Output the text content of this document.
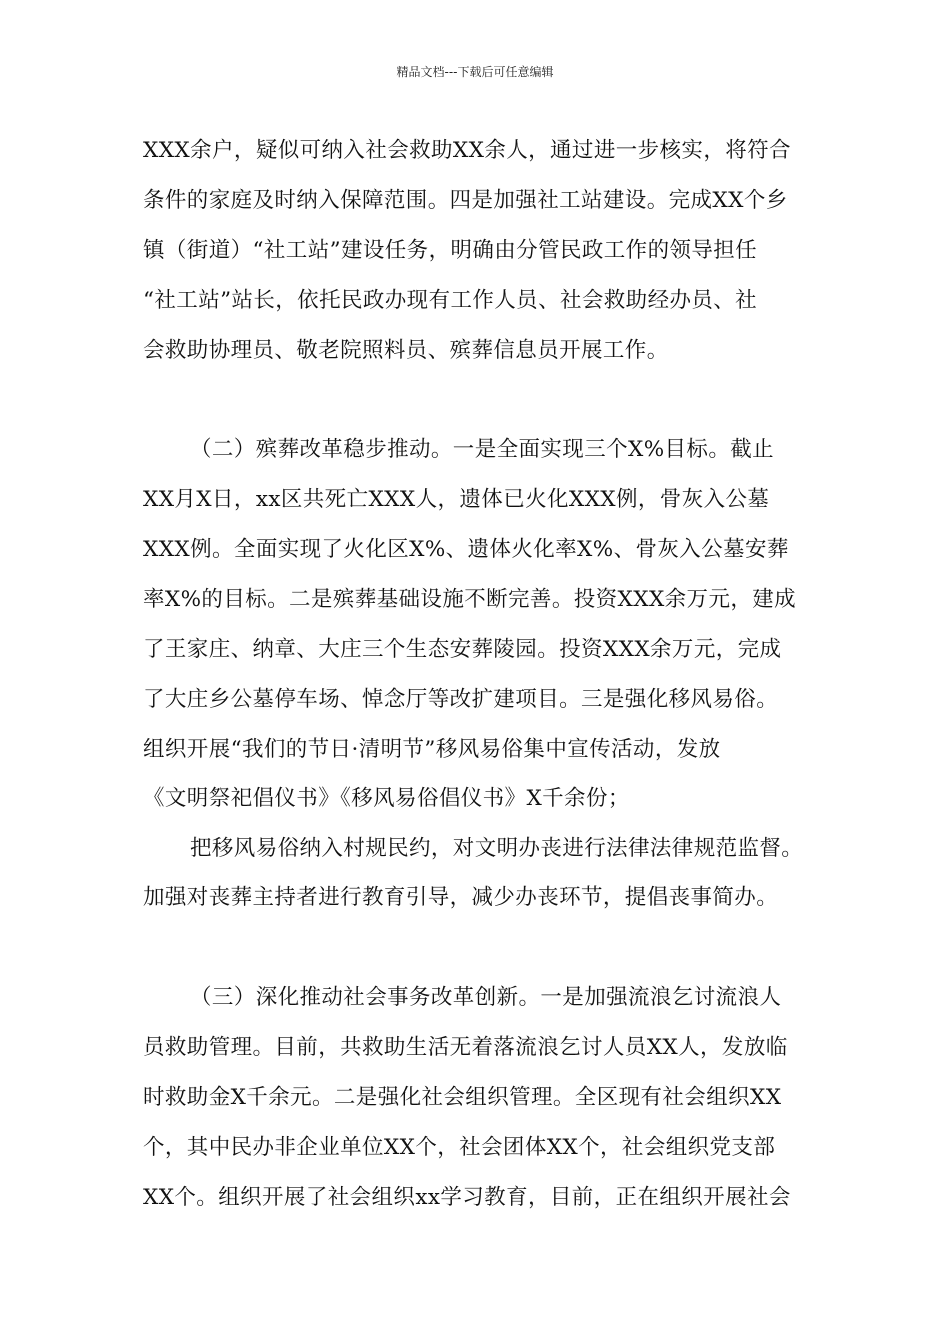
精品文档---下载后可任意编辑
XXX余户，疑似可纳入社会救助XX余人，通过进一步核实，将符合
条件的家庭及时纳入保障范围。四是加强社工站建设。完成XX个乡
镇（街道）“社工站”建设任务，明确由分管民政工作的领导担任
“社工站”站长，依托民政办现有工作人员、社会救助经办员、社
会救助协理员、敬老院照料员、殡葬信息员开展工作。
（二）殡葬改革稳步推动。一是全面实现三个X%目标。截止
XX月X日，xx区共死亡XXX人，遗体已火化XXX例，骨灰入公墓
XXX例。全面实现了火化区X%、遗体火化率X%、骨灰入公墓安葬
率X%的目标。二是殡葬基础设施不断完善。投资XXX余万元，建成
了王家庄、纳章、大庄三个生态安葬陵园。投资XXX余万元，完成
了大庄乡公墓停车场、悼念厅等改扩建项目。三是强化移风易俗。
组织开展“我们的节日·清明节”移风易俗集中宣传活动，发放
《文明祭祀倡仪书》《移风易俗倡仪书》X千余份；
把移风易俗纳入村规民约，对文明办丧进行法律法律规范监督。
加强对丧葬主持者进行教育引导，减少办丧环节，提倡丧事简办。
（三）深化推动社会事务改革创新。一是加强流浪乞讨流浪人
员救助管理。目前，共救助生活无着落流浪乞讨人员XX人，发放临
时救助金X千余元。二是强化社会组织管理。全区现有社会组织XX
个，其中民办非企业单位XX个，社会团体XX个，社会组织党支部
XX个。组织开展了社会组织xx学习教育，目前，正在组织开展社会
